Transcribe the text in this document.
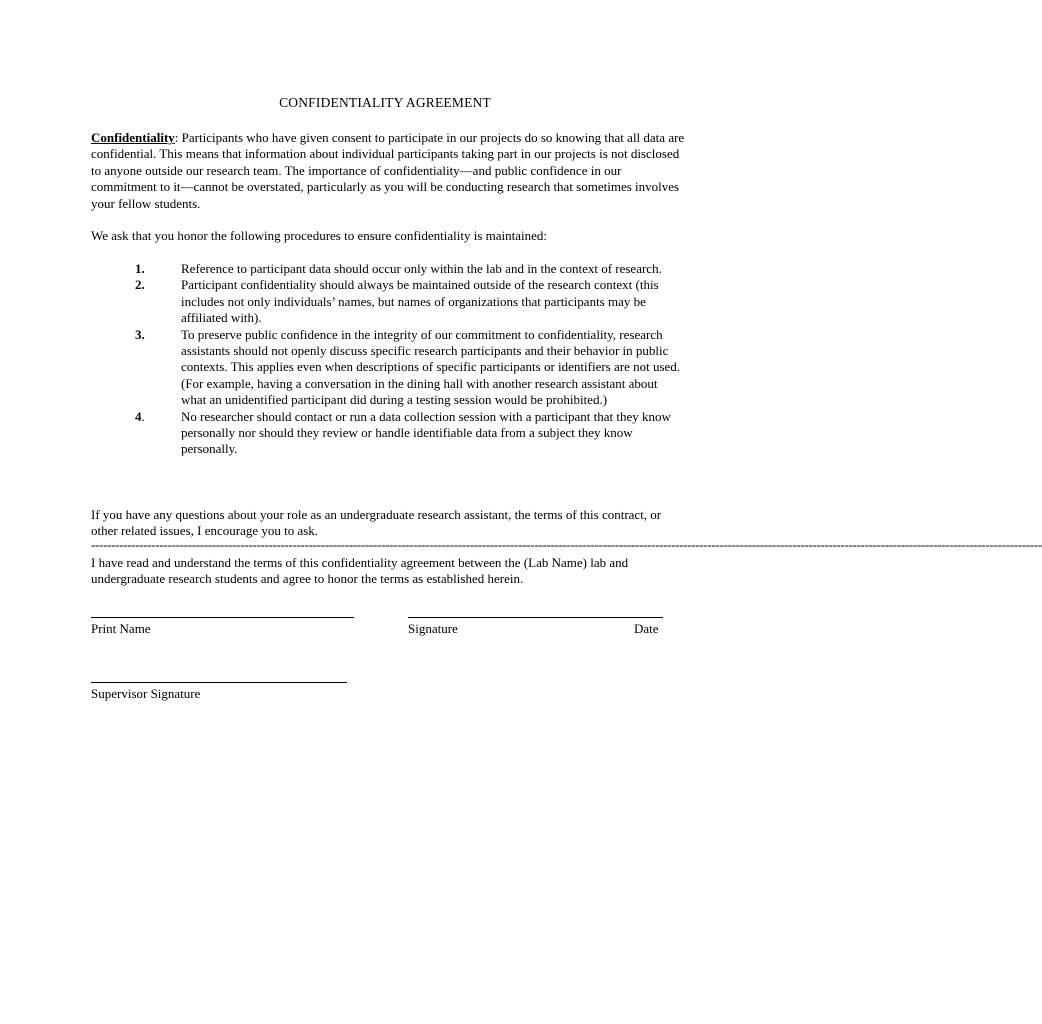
CONFIDENTIALITY AGREEMENT
Confidentiality: Participants who have given consent to participate in our projects do so knowing that all data are confidential. This means that information about individual participants taking part in our projects is not disclosed to anyone outside our research team. The importance of confidentiality—and public confidence in our commitment to it—cannot be overstated, particularly as you will be conducting research that sometimes involves your fellow students.
We ask that you honor the following procedures to ensure confidentiality is maintained:
1.	Reference to participant data should occur only within the lab and in the context of research.
2.	Participant confidentiality should always be maintained outside of the research context (this includes not only individuals’ names, but names of organizations that participants may be affiliated with).
3.	To preserve public confidence in the integrity of our commitment to confidentiality, research assistants should not openly discuss specific research participants and their behavior in public contexts. This applies even when descriptions of specific participants or identifiers are not used. (For example, having a conversation in the dining hall with another research assistant about what an unidentified participant did during a testing session would be prohibited.)
4.	No researcher should contact or run a data collection session with a participant that they know personally nor should they review or handle identifiable data from a subject they know personally.
If you have any questions about your role as an undergraduate research assistant, the terms of this contract, or other related issues, I encourage you to ask.
--------------------------------------------------------------------------------------------------------------------------------------------------------------------------------------------------------------------------------------------
I have read and understand the terms of this confidentiality agreement between the (Lab Name) lab and undergraduate research students and agree to honor the terms as established herein.
Print Name	Signature	Date
Supervisor Signature
